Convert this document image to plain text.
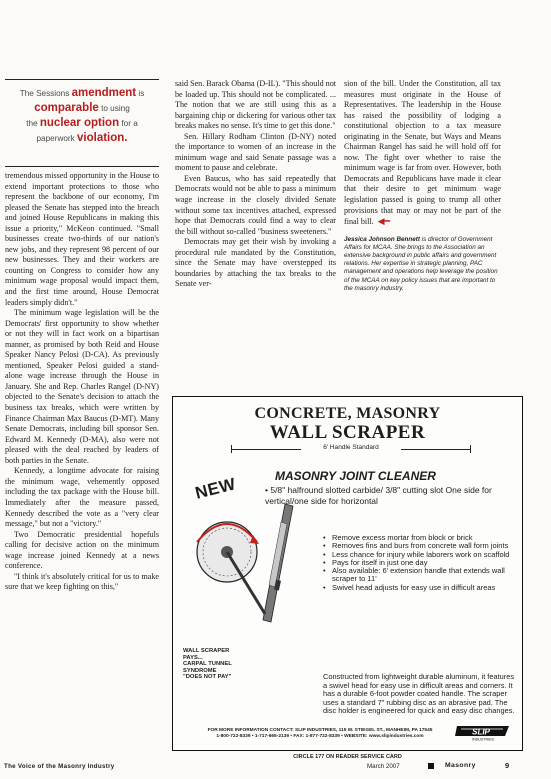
The Sessions amendment is
comparable to using
the nuclear option for a
paperwork violation.

tremendous missed opportunity in the House to extend important protections to those who represent the backbone of our economy, I'm pleased the Senate has stepped into the breach and joined House Republicans in making this issue a priority," McKeon continued. "Small businesses create two-thirds of our nation's new jobs, and they represent 98 percent of our new businesses. They and their workers are counting on Congress to consider how any minimum wage proposal would impact them, and the first time around, House Democrat leaders simply didn't."

The minimum wage legislation will be the Democrats' first opportunity to show whether or not they will in fact work on a bipartisan manner, as promised by both Reid and House Speaker Nancy Pelosi (D-CA). As previously mentioned, Speaker Pelosi guided a stand-alone wage increase through the House in January. She and Rep. Charles Rangel (D-NY) objected to the Senate's decision to attach the business tax breaks, which were written by Finance Chairman Max Baucus (D-MT). Many Senate Democrats, including bill sponsor Sen. Edward M. Kennedy (D-MA), also were not pleased with the deal reached by leaders of both parties in the Senate.

Kennedy, a longtime advocate for raising the minimum wage, vehemently opposed including the tax package with the House bill. Immediately after the measure passed, Kennedy described the vote as a "very clear message," but not a "victory."

Two Democratic presidential hopefuls calling for decisive action on the minimum wage increase joined Kennedy at a news conference.

"I think it's absolutely critical for us to make sure that we keep fighting on this,"

said Sen. Barack Obama (D-IL). "This should not be loaded up. This should not be complicated. ... The notion that we are still using this as a bargaining chip or dickering for various other tax breaks makes no sense. It's time to get this done."

Sen. Hillary Rodham Clinton (D-NY) noted the importance to women of an increase in the minimum wage and said Senate passage was a moment to pause and celebrate.

Even Baucus, who has said repeatedly that Democrats would not be able to pass a minimum wage increase in the closely divided Senate without some tax incentives attached, expressed hope that Democrats could find a way to clear the bill without so-called "business sweeteners."

Democrats may get their wish by invoking a procedural rule mandated by the Constitution, since the Senate may have overstepped its boundaries by attaching the tax breaks to the Senate ver-

sion of the bill. Under the Constitution, all tax measures must originate in the House of Representatives. The leadership in the House has raised the possibility of lodging a constitutional objection to a tax measure originating in the Senate, but Ways and Means Chairman Rangel has said he will hold off for now. The fight over whether to raise the minimum wage is far from over. However, both Democrats and Republicans have made it clear that their desire to get minimum wage legislation passed is going to trump all other provisions that may or may not be part of the final bill. ◀━

Jessica Johnson Bennett is director of Government Affairs for MCAA. She brings to the Association an extensive background in public affairs and government relations. Her expertise in strategic planning, PAC management and operations help leverage the position of the MCAA on key policy issues that are important to the masonry industry.

CONCRETE, MASONRY
WALL SCRAPER
6' Handle Standard
NEW	MASONRY JOINT CLEANER
• 5/8" halfround slotted carbide/ 3/8" cutting slot One side for vertical/one side for horizontal
• Remove excess mortar from block or brick
• Removes fins and burs from concrete wall form joints
• Less chance for injury while laborers work on scaffold
• Pays for itself in just one day
• Also available: 6' extension handle that extends wall scraper to 11'
• Swivel head adjusts for easy use in difficult areas
WALL SCRAPER
PAYS...
CARPAL TUNNEL
SYNDROME
"DOES NOT PAY"	Constructed from lightweight durable aluminum, it features a swivel head for easy use in difficult areas and corners. It has a durable 6-foot powder coated handle. The scraper uses a standard 7" rubbing disc as an abrasive pad. The disc holder is engineered for quick and easy disc changes.
FOR MORE INFORMATION CONTACT: SLIP INDUSTRIES, 115 W. STIEGEL ST., MANHEIM, PA 17545
1-800-722-8339 • 1-717-665-2139 • FAX: 1-877-722-8339 • WEBSITE: www.slipindustries.com	SLIP
INDUSTRIES
CIRCLE 177 ON READER SERVICE CARD
The Voice of the Masonry Industry	March 2007	Masonry	9
